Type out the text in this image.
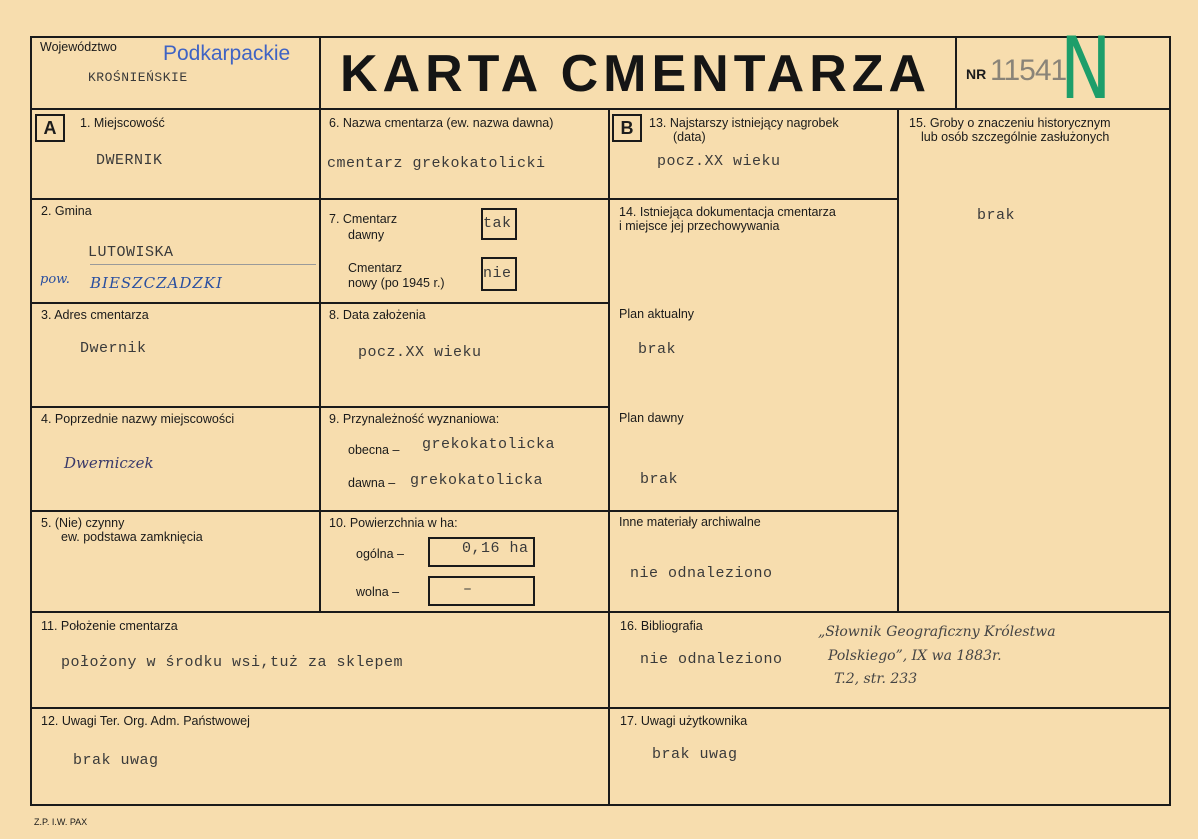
Województwo Podkarpackie
KROŚNIEŃSKIE	KARTA CMENTARZA NR 11541
N
A	B
1. Miejscowość
DWERNIK
2. Gmina
LUTOWISKA
pow. BIESZCZADZKI
3. Adres cmentarza
Dwernik
4. Poprzednie nazwy miejscowości
Dwerniczek
5. (Nie) czynny
ew. podstawa zamknięcia
6. Nazwa cmentarza (ew. nazwa dawna)
cmentarz grekokatolicki
7. Cmentarz
dawny
tak
Cmentarz
nowy (po 1945 r.)
nie
8. Data założenia
pocz.XX wieku
9. Przynależność wyznaniowa:
obecna – grekokatolicka
dawna – grekokatolicka
10. Powierzchnia w ha:
ogólna –	0,16 ha
wolna –	–
13. Najstarszy istniejący nagrobek
(data)
pocz.XX wieku
14. Istniejąca dokumentacja cmentarza
i miejsce jej przechowywania
Plan aktualny
brak
Plan dawny
brak
Inne materiały archiwalne
nie odnaleziono
15. Groby o znaczeniu historycznym
lub osób szczególnie zasłużonych
brak
11. Położenie cmentarza
położony w środku wsi,tuż za sklepem
16. Bibliografia
nie odnaleziono
„Słownik Geograficzny Królestwa
Polskiego”, IX wa 1883r.
T.2, str. 233
12. Uwagi Ter. Org. Adm. Państwowej
brak uwag
17. Uwagi użytkownika
brak uwag
Z.P. I.W. PAX
